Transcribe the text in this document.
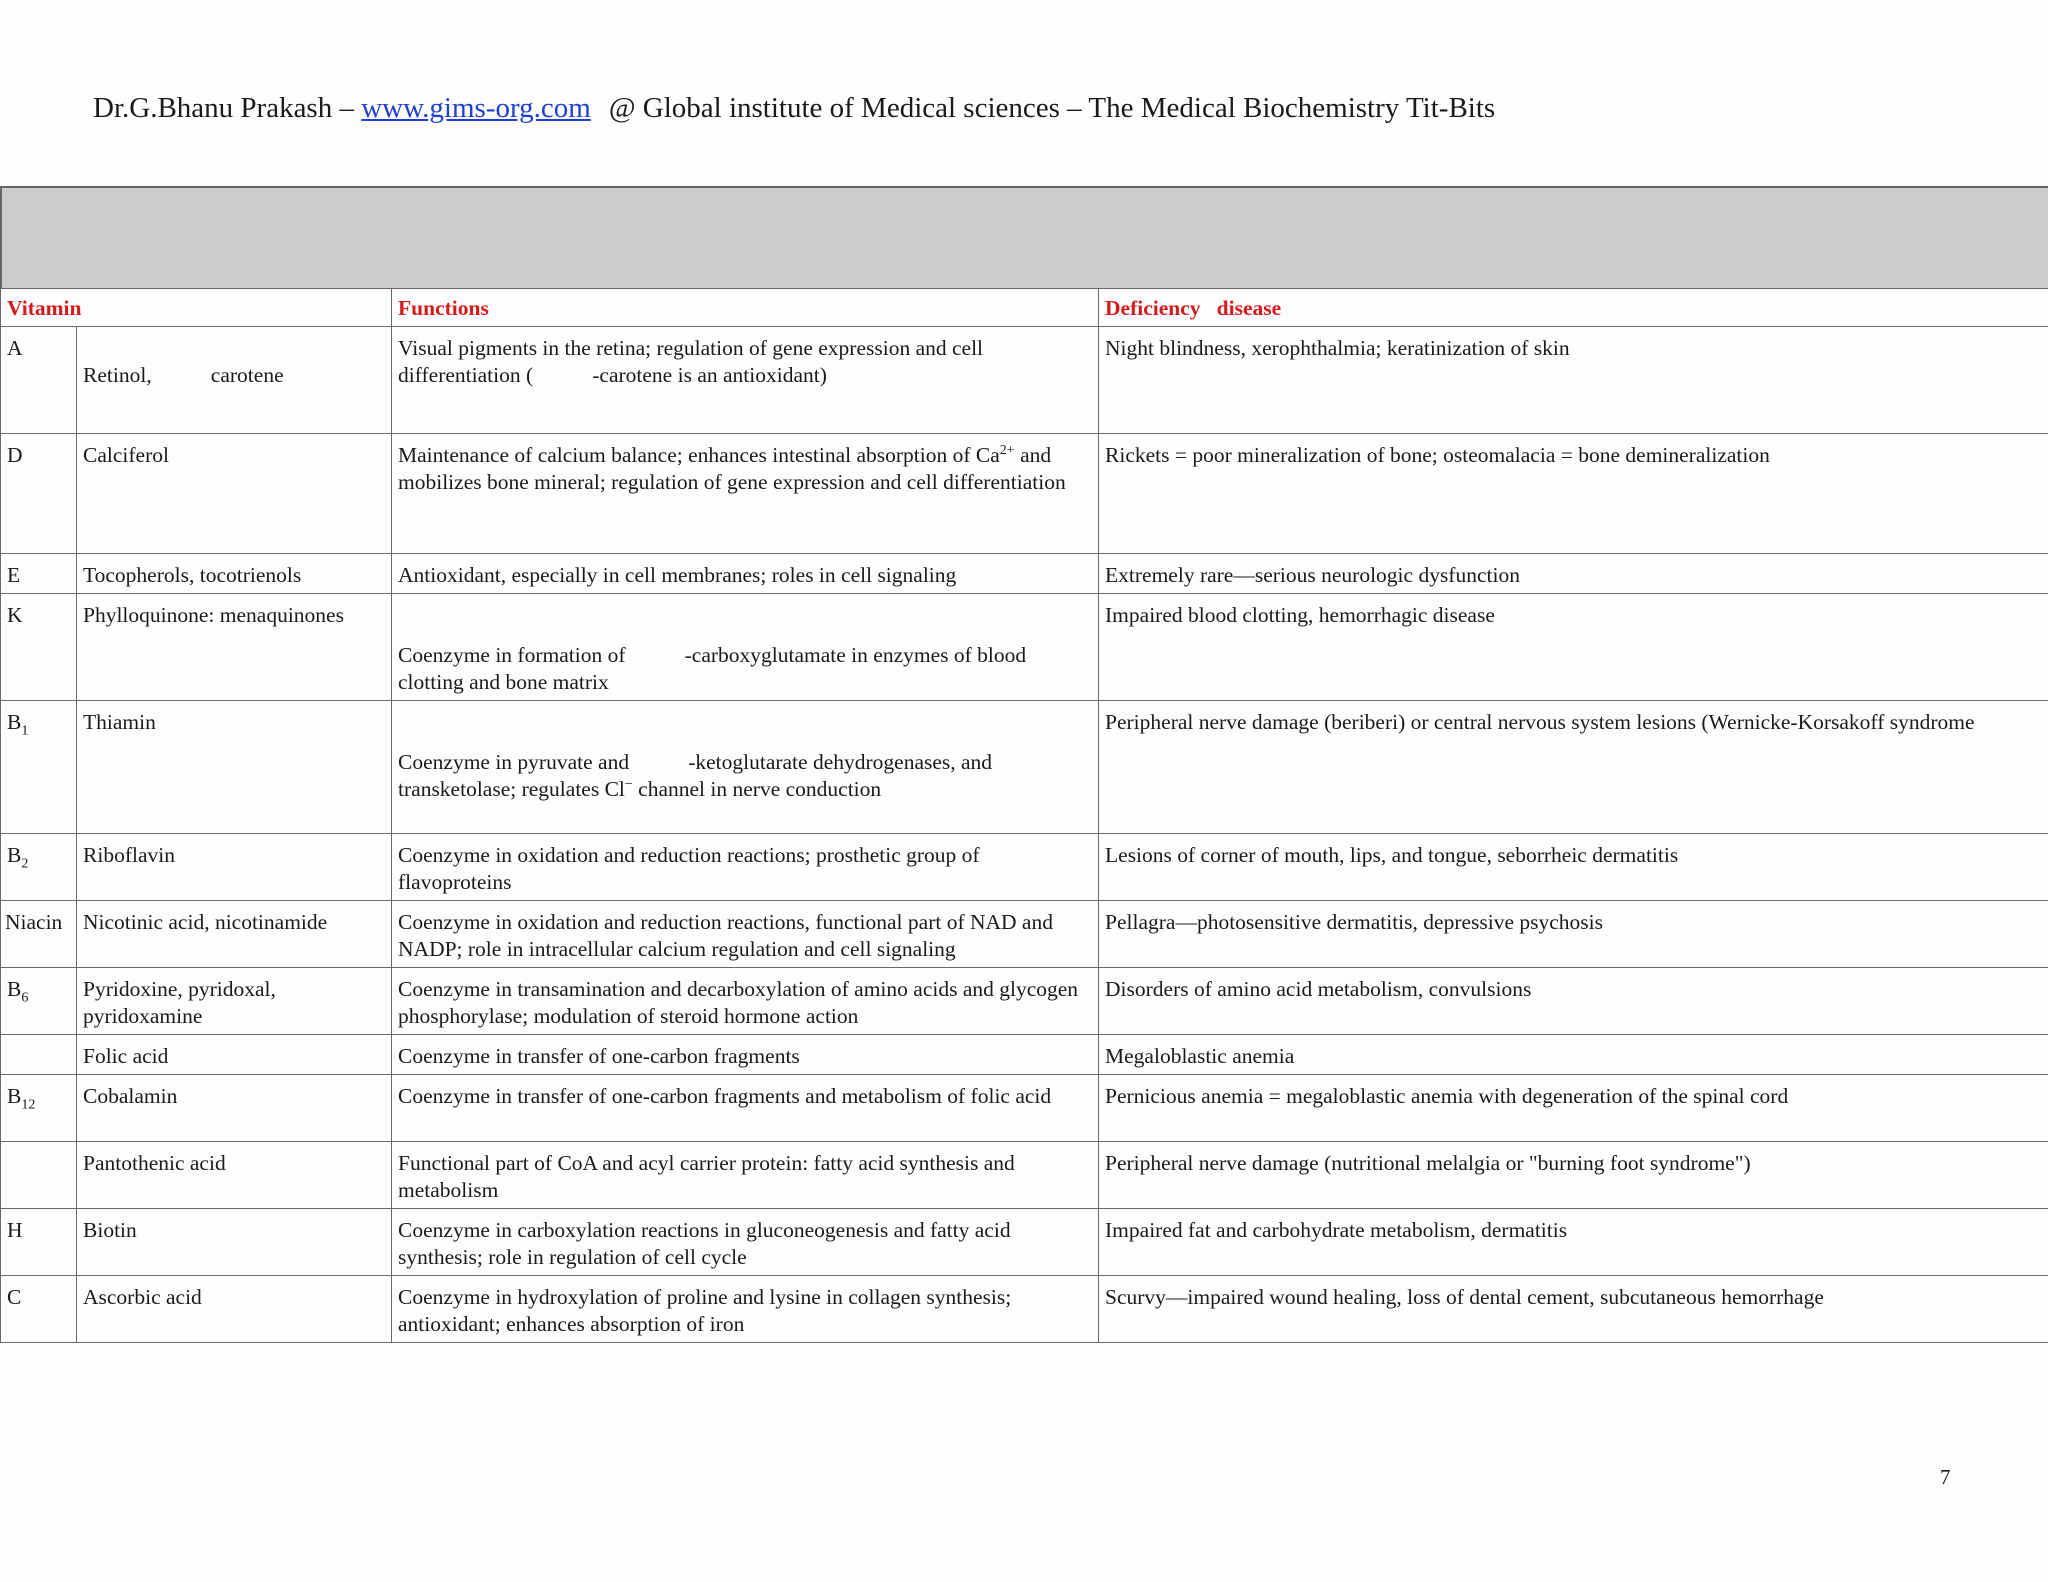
Dr.G.Bhanu Prakash – www.gims-org.com @ Global institute of Medical sciences – The Medical Biochemistry Tit-Bits
Vitamin		Functions	Deficiency   disease
A	Retinol,           carotene	Visual pigments in the retina; regulation of gene expression and cell differentiation (           -carotene is an antioxidant)	Night blindness, xerophthalmia; keratinization of skin
D	Calciferol	Maintenance of calcium balance; enhances intestinal absorption of $Ca^{2+}$ and mobilizes bone mineral; regulation of gene expression and cell differentiation	Rickets = poor mineralization of bone; osteomalacia = bone demineralization
E	Tocopherols, tocotrienols	Antioxidant, especially in cell membranes; roles in cell signaling	Extremely rare—serious neurologic dysfunction
K	Phylloquinone: menaquinones	Coenzyme in formation of           -carboxyglutamate in enzymes of blood clotting and bone matrix	Impaired blood clotting, hemorrhagic disease
$B_1$	Thiamin	Coenzyme in pyruvate and           -ketoglutarate dehydrogenases, and transketolase; regulates Cl− channel in nerve conduction	Peripheral nerve damage (beriberi) or central nervous system lesions (Wernicke-Korsakoff syndrome
$B_2$	Riboflavin	Coenzyme in oxidation and reduction reactions; prosthetic group of flavoproteins	Lesions of corner of mouth, lips, and tongue, seborrheic dermatitis
Niacin	Nicotinic acid, nicotinamide	Coenzyme in oxidation and reduction reactions, functional part of NAD and NADP; role in intracellular calcium regulation and cell signaling	Pellagra—photosensitive dermatitis, depressive psychosis
$B_6$	Pyridoxine, pyridoxal, pyridoxamine	Coenzyme in transamination and decarboxylation of amino acids and glycogen phosphorylase; modulation of steroid hormone action	Disorders of amino acid metabolism, convulsions
	Folic acid	Coenzyme in transfer of one-carbon fragments	Megaloblastic anemia
$B_{12}$	Cobalamin	Coenzyme in transfer of one-carbon fragments and metabolism of folic acid	Pernicious anemia = megaloblastic anemia with degeneration of the spinal cord
	Pantothenic acid	Functional part of CoA and acyl carrier protein: fatty acid synthesis and metabolism	Peripheral nerve damage (nutritional melalgia or "burning foot syndrome")
H	Biotin	Coenzyme in carboxylation reactions in gluconeogenesis and fatty acid synthesis; role in regulation of cell cycle	Impaired fat and carbohydrate metabolism, dermatitis
C	Ascorbic acid	Coenzyme in hydroxylation of proline and lysine in collagen synthesis; antioxidant; enhances absorption of iron	Scurvy—impaired wound healing, loss of dental cement, subcutaneous hemorrhage
7
